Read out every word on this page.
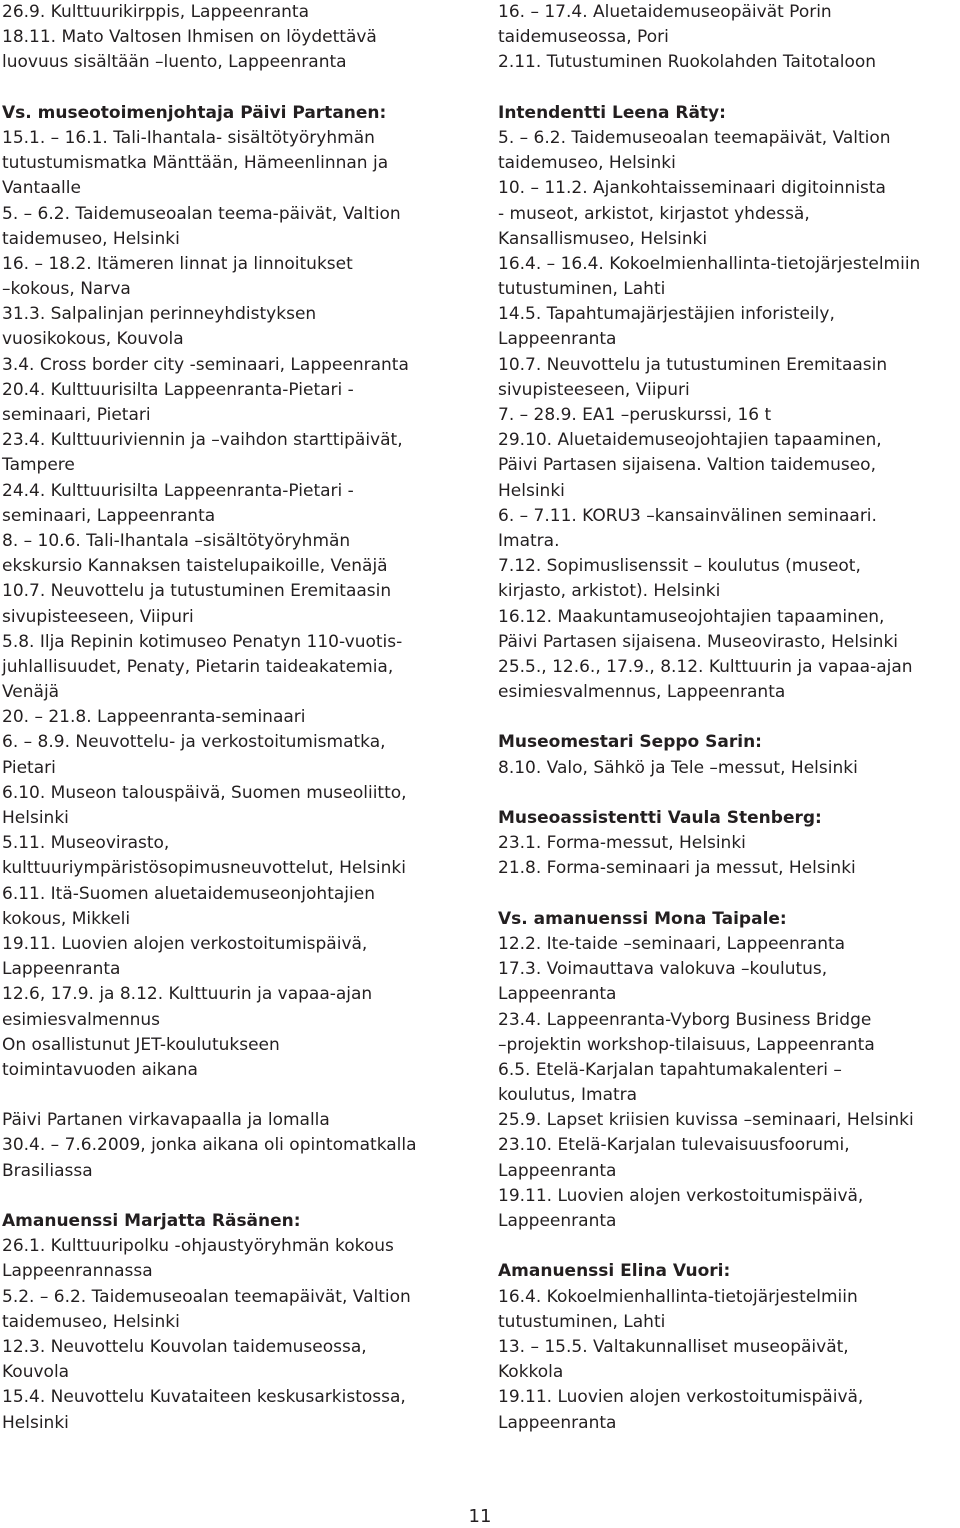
26.9. Kulttuurikirppis, Lappeenranta
18.11. Mato Valtosen Ihmisen on löydettävä
luovuus sisältään –luento, Lappeenranta
Vs. museotoimenjohtaja Päivi Partanen:
15.1. – 16.1. Tali-Ihantala- sisältötyöryhmän
tutustumismatka Mänttään, Hämeenlinnan ja
Vantaalle
5. – 6.2. Taidemuseoalan teema-päivät, Valtion
taidemuseo, Helsinki
16. – 18.2. Itämeren linnat ja linnoitukset
–kokous, Narva
31.3. Salpalinjan perinneyhdistyksen
vuosikokous, Kouvola
3.4. Cross border city -seminaari, Lappeenranta
20.4. Kulttuurisilta Lappeenranta-Pietari -
seminaari, Pietari
23.4. Kulttuuriviennin ja –vaihdon starttipäivät,
Tampere
24.4. Kulttuurisilta Lappeenranta-Pietari -
seminaari, Lappeenranta
8. – 10.6. Tali-Ihantala –sisältötyöryhmän
ekskursio Kannaksen taistelupaikoille, Venäjä
10.7. Neuvottelu ja tutustuminen Eremitaasin
sivupisteeseen, Viipuri
5.8. Ilja Repinin kotimuseo Penatyn 110-vuotis-
juhlallisuudet, Penaty, Pietarin taideakatemia,
Venäjä
20. – 21.8. Lappeenranta-seminaari
6. – 8.9. Neuvottelu- ja verkostoitumismatka,
Pietari
6.10. Museon talouspäivä, Suomen museoliitto,
Helsinki
5.11. Museovirasto,
kulttuuriympäristösopimusneuvottelut, Helsinki
6.11. Itä-Suomen aluetaidemuseonjohtajien
kokous, Mikkeli
19.11. Luovien alojen verkostoitumispäivä,
Lappeenranta
12.6, 17.9. ja 8.12. Kulttuurin ja vapaa-ajan
esimiesvalmennus
On osallistunut JET-koulutukseen
toimintavuoden aikana
Päivi Partanen virkavapaalla ja lomalla
30.4. – 7.6.2009, jonka aikana oli opintomatkalla
Brasiliassa
Amanuenssi Marjatta Räsänen:
26.1. Kulttuuripolku -ohjaustyöryhmän kokous
Lappeenrannassa
5.2. – 6.2. Taidemuseoalan teemapäivät, Valtion
taidemuseo, Helsinki
12.3. Neuvottelu Kouvolan taidemuseossa,
Kouvola
15.4. Neuvottelu Kuvataiteen keskusarkistossa,
Helsinki
16. – 17.4. Aluetaidemuseopäivät Porin
taidemuseossa, Pori
2.11. Tutustuminen Ruokolahden Taitotaloon
Intendentti Leena Räty:
5. – 6.2. Taidemuseoalan teemapäivät, Valtion
taidemuseo, Helsinki
10. – 11.2. Ajankohtaisseminaari digitoinnista
- museot, arkistot, kirjastot yhdessä,
Kansallismuseo, Helsinki
16.4. – 16.4. Kokoelmienhallinta-tietojärjestelmiin
tutustuminen, Lahti
14.5. Tapahtumajärjestäjien inforisteily,
Lappeenranta
10.7. Neuvottelu ja tutustuminen Eremitaasin
sivupisteeseen, Viipuri
7. – 28.9. EA1 –peruskurssi, 16 t
29.10. Aluetaidemuseojohtajien tapaaminen,
Päivi Partasen sijaisena. Valtion taidemuseo,
Helsinki
6. – 7.11. KORU3 –kansainvälinen seminaari.
Imatra.
7.12. Sopimuslisenssit – koulutus (museot,
kirjasto, arkistot). Helsinki
16.12. Maakuntamuseojohtajien tapaaminen,
Päivi Partasen sijaisena. Museovirasto, Helsinki
25.5., 12.6., 17.9., 8.12. Kulttuurin ja vapaa-ajan
esimiesvalmennus, Lappeenranta
Museomestari Seppo Sarin:
8.10. Valo, Sähkö ja Tele –messut, Helsinki
Museoassistentti Vaula Stenberg:
23.1. Forma-messut, Helsinki
21.8. Forma-seminaari ja messut, Helsinki
Vs. amanuenssi Mona Taipale:
12.2. Ite-taide –seminaari, Lappeenranta
17.3. Voimauttava valokuva –koulutus,
Lappeenranta
23.4. Lappeenranta-Vyborg Business Bridge
–projektin workshop-tilaisuus, Lappeenranta
6.5. Etelä-Karjalan tapahtumakalenteri –
koulutus, Imatra
25.9. Lapset kriisien kuvissa –seminaari, Helsinki
23.10. Etelä-Karjalan tulevaisuusfoorumi,
Lappeenranta
19.11. Luovien alojen verkostoitumispäivä,
Lappeenranta
Amanuenssi Elina Vuori:
16.4. Kokoelmienhallinta-tietojärjestelmiin
tutustuminen, Lahti
13. – 15.5. Valtakunnalliset museopäivät,
Kokkola
19.11. Luovien alojen verkostoitumispäivä,
Lappeenranta
11
